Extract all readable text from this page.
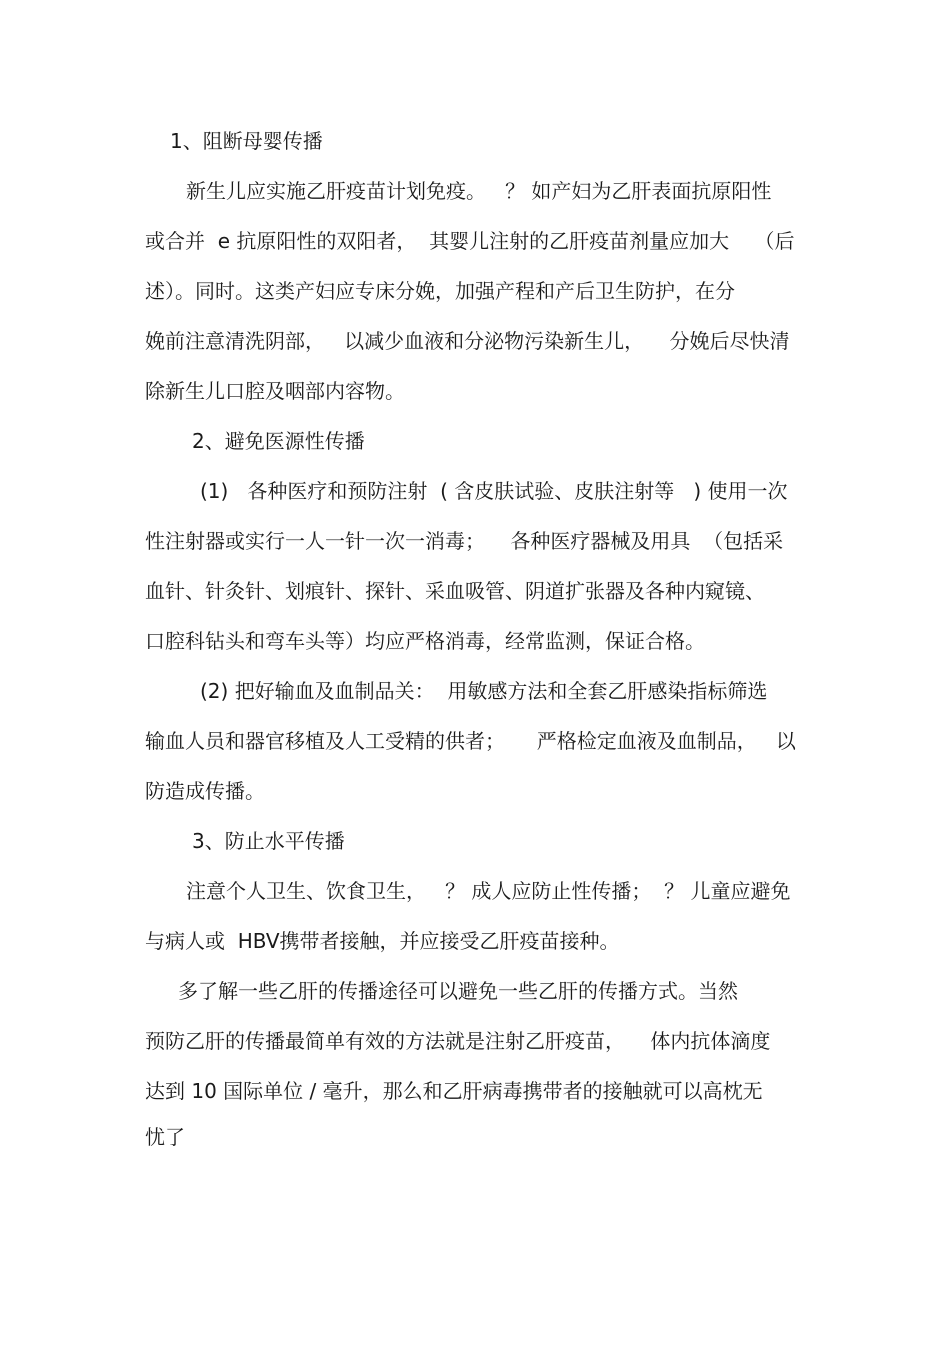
1、阻断母婴传播
新生儿应实施乙肝疫苗计划免疫。   ？ 如产妇为乙肝表面抗原阳性
或合并  e 抗原阳性的双阳者，  其婴儿注射的乙肝疫苗剂量应加大    （后
述）。同时。这类产妇应专床分娩，加强产程和产后卫生防护，在分
娩前注意清洗阴部，   以减少血液和分泌物污染新生儿，    分娩后尽快清
除新生儿口腔及咽部内容物。
2、避免医源性传播
(1)   各种医疗和预防注射  ( 含皮肤试验、皮肤注射等   ) 使用一次
性注射器或实行一人一针一次一消毒；    各种医疗器械及用具  （包括采
血针、针灸针、划痕针、探针、采血吸管、阴道扩张器及各种内窥镜、
口腔科钻头和弯车头等）均应严格消毒，经常监测，保证合格。
(2) 把好输血及血制品关：  用敏感方法和全套乙肝感染指标筛选
输血人员和器官移植及人工受精的供者；     严格检定血液及血制品，   以
防造成传播。
3、防止水平传播
注意个人卫生、饮食卫生，   ？ 成人应防止性传播；  ？ 儿童应避免
与病人或  HBV携带者接触，并应接受乙肝疫苗接种。
多了解一些乙肝的传播途径可以避免一些乙肝的传播方式。当然
预防乙肝的传播最简单有效的方法就是注射乙肝疫苗，    体内抗体滴度
达到 10 国际单位 / 毫升，那么和乙肝病毒携带者的接触就可以高枕无
忧了
